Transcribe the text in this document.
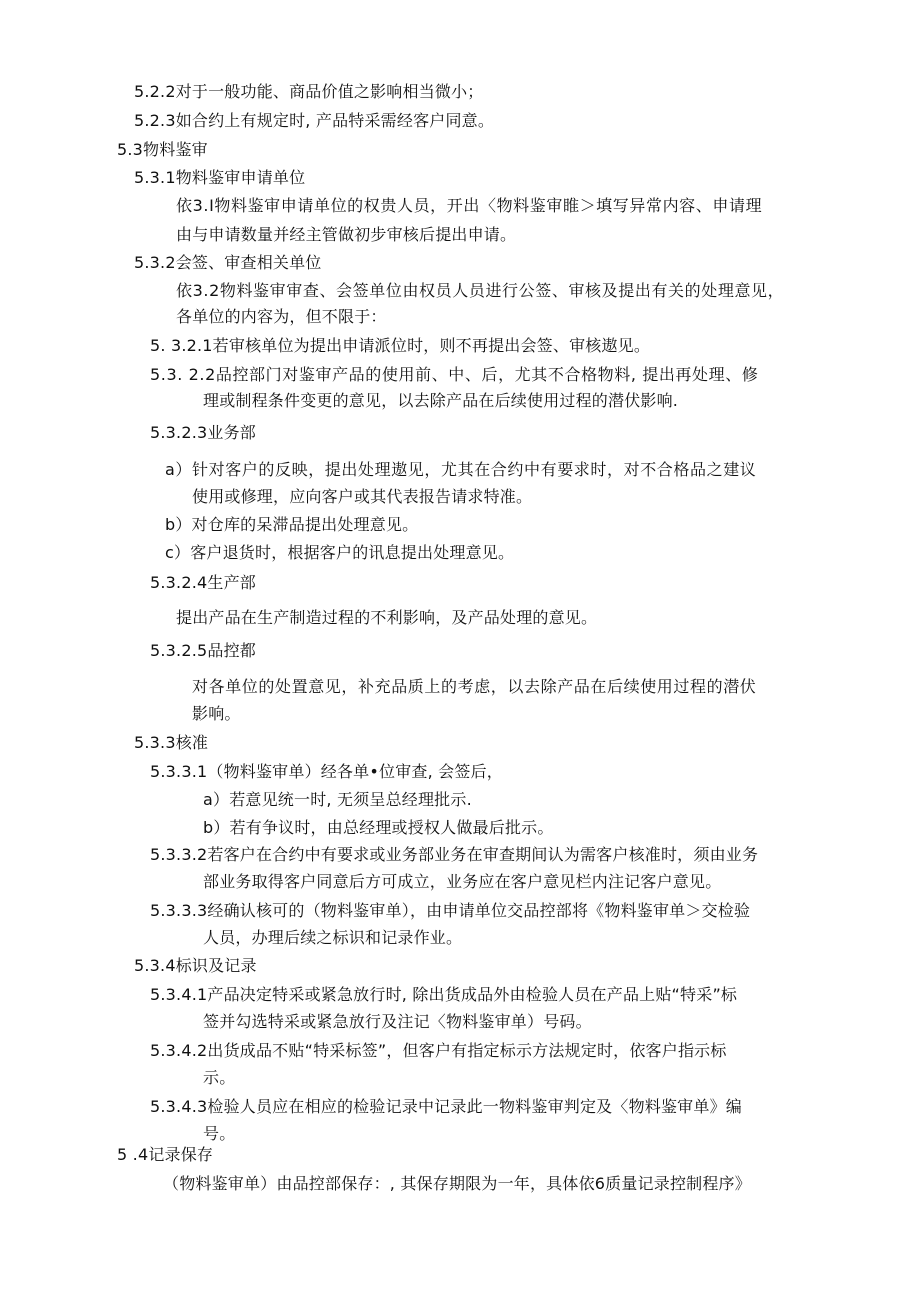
5.2.2对于一般功能、商品价值之影响相当微小；
5.2.3如合约上有规定时, 产品特采需经客户同意。
5.3物料鉴审
5.3.1物料鉴审申请单位
依3.I物料鉴审申请单位的权贵人员，开出〈物料鉴审睢＞填写异常内容、申请理
由与申请数量并经主管做初步审核后提出申请。
5.3.2会签、审查相关单位
依3.2物料鉴审审查、会签单位由权员人员进行公签、审核及提出有关的处理意见，
各单位的内容为，但不限于：
5. 3.2.1若审核单位为提出申请派位时，则不再提出会签、审核遨见。
5.3. 2.2品控部门对鉴审产品的使用前、中、后，尤其不合格物料, 提出再处理、修
理或制程条件变更的意见，以去除产品在后续使用过程的潜伏影响.
5.3.2.3业务部
a）针对客户的反映，提出处理遨见，尤其在合约中有要求时，对不合格品之建议
使用或修理，应向客户或其代表报告请求特准。
b）对仓库的呆滞品提出处理意见。
c）客户退货时，根据客户的讯息提出处理意见。
5.3.2.4生产部
提出产品在生产制造过程的不利影响，及产品处理的意见。
5.3.2.5品控都
对各单位的处置意见，补充品质上的考虑，以去除产品在后续使用过程的潜伏
影响。
5.3.3核准
5.3.3.1（物料鉴审单）经各单•位审查, 会签后，
a）若意见统一时, 无须呈总经理批示.
b）若有争议时，由总经理或授权人做最后批示。
5.3.3.2若客户在合约中有要求或业务部业务在审查期间认为需客户核准时，须由业务
部业务取得客户同意后方可成立，业务应在客户意见栏内注记客户意见。
5.3.3.3经确认核可的（物料鉴审单），由申请单位交品控部将《物料鉴审单＞交检验
人员，办理后续之标识和记录作业。
5.3.4标识及记录
5.3.4.1产品决定特采或紧急放行时, 除出货成品外由检验人员在产品上贴“特采”标
签并勾选特采或紧急放行及注记〈物料鉴审单）号码。
5.3.4.2出货成品不贴“特采标签”，但客户有指定标示方法规定时，依客户指示标
示。
5.3.4.3检验人员应在相应的检验记录中记录此一物料鉴审判定及〈物料鉴审单》编
号。
5 .4记录保存
（物料鉴审单）由品控部保存：, 其保存期限为一年，具体依6质量记录控制程序》
